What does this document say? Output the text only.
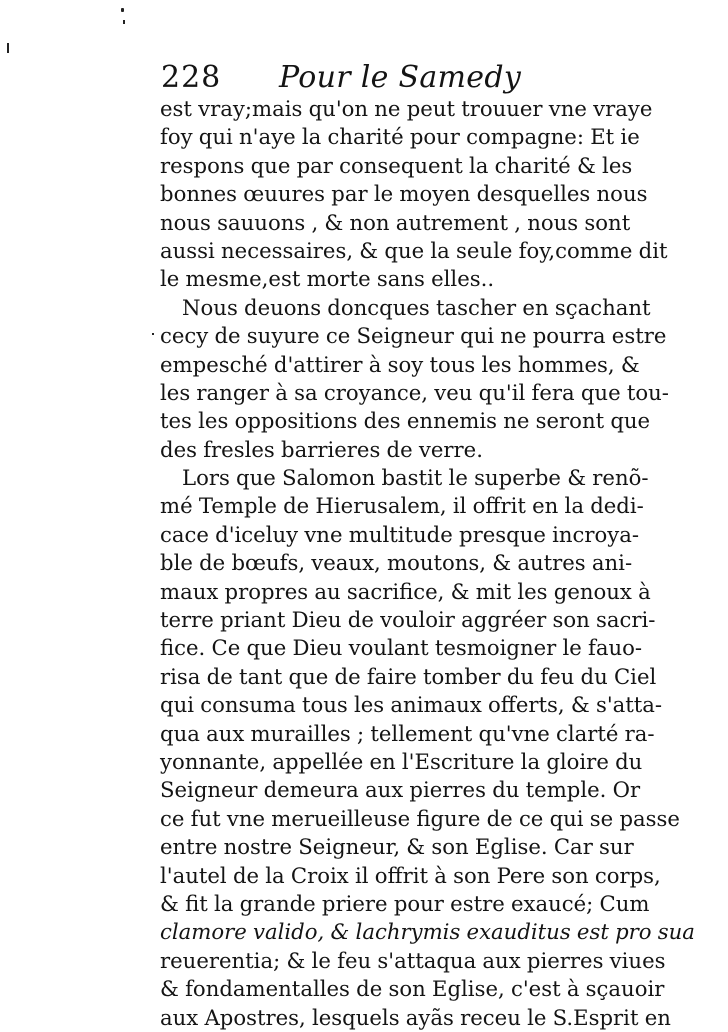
228 Pour le Samedy
est vray;mais qu'on ne peut trouuer vne vraye
foy qui n'aye la charité pour compagne: Et ie
respons que par consequent la charité & les
bonnes œuures par le moyen desquelles nous
nous sauuons , & non autrement , nous sont
aussi necessaires, & que la seule foy,comme dit
le mesme,est morte sans elles..
Nous deuons doncques tascher en sçachant
cecy de suyure ce Seigneur qui ne pourra estre
empesché d'attirer à soy tous les hommes, &
les ranger à sa croyance, veu qu'il fera que tou-
tes les oppositions des ennemis ne seront que
des fresles barrieres de verre.
Lors que Salomon bastit le superbe & renõ-
mé Temple de Hierusalem, il offrit en la dedi-
cace d'iceluy vne multitude presque incroya-
ble de bœufs, veaux, moutons, & autres ani-
maux propres au sacrifice, & mit les genoux à
terre priant Dieu de vouloir aggréer son sacri-
fice. Ce que Dieu voulant tesmoigner le fauo-
risa de tant que de faire tomber du feu du Ciel
qui consuma tous les animaux offerts, & s'atta-
qua aux murailles ; tellement qu'vne clarté ra-
yonnante, appellée en l'Escriture la gloire du
Seigneur demeura aux pierres du temple. Or
ce fut vne merueilleuse figure de ce qui se passe
entre nostre Seigneur, & son Eglise. Car sur
l'autel de la Croix il offrit à son Pere son corps,
& fit la grande priere pour estre exaucé; Cum
clamore valido, & lachrymis exauditus est pro sua
reuerentia; & le feu s'attaqua aux pierres viues
& fondamentalles de son Eglise, c'est à sçauoir
aux Apostres, lesquels ayãs receu le S.Esprit en
